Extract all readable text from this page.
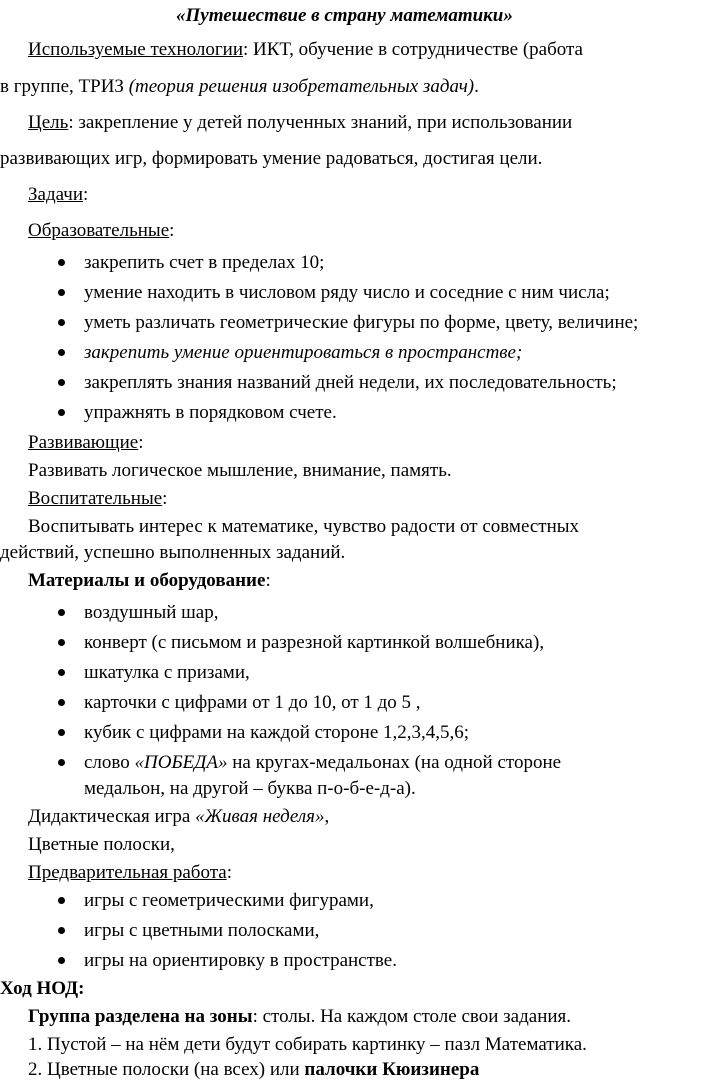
«Путешествие в страну математики»
Используемые технологии: ИКТ, обучение в сотрудничестве (работа
в группе, ТРИЗ (теория решения изобретательных задач).
Цель: закрепление у детей полученных знаний, при использовании
развивающих игр, формировать умение радоваться, достигая цели.
Задачи:
Образовательные:
закрепить счет в пределах 10;
умение находить в числовом ряду число и соседние с ним числа;
уметь различать геометрические фигуры по форме, цвету, величине;
закрепить умение ориентироваться в пространстве;
закреплять знания названий дней недели, их последовательность;
упражнять в порядковом счете.
Развивающие:
Развивать логическое мышление, внимание, память.
Воспитательные:
Воспитывать интерес к математике, чувство радости от совместных
действий, успешно выполненных заданий.
Материалы и оборудование:
воздушный шар,
конверт (с письмом и разрезной картинкой волшебника),
шкатулка с призами,
карточки с цифрами от 1 до 10, от 1 до 5 ,
кубик с цифрами на каждой стороне 1,2,3,4,5,6;
слово «ПОБЕДА» на кругах-медальонах (на одной стороне
медальон, на другой – буква п-о-б-е-д-а).
Дидактическая игра «Живая неделя»,
Цветные полоски,
Предварительная работа:
игры с геометрическими фигурами,
игры с цветными полосками,
игры на ориентировку в пространстве.
Ход НОД:
Группа разделена на зоны: столы. На каждом столе свои задания.
1. Пустой – на нём дети будут собирать картинку – пазл Математика.
2. Цветные полоски (на всех) или палочки Кюизинера
